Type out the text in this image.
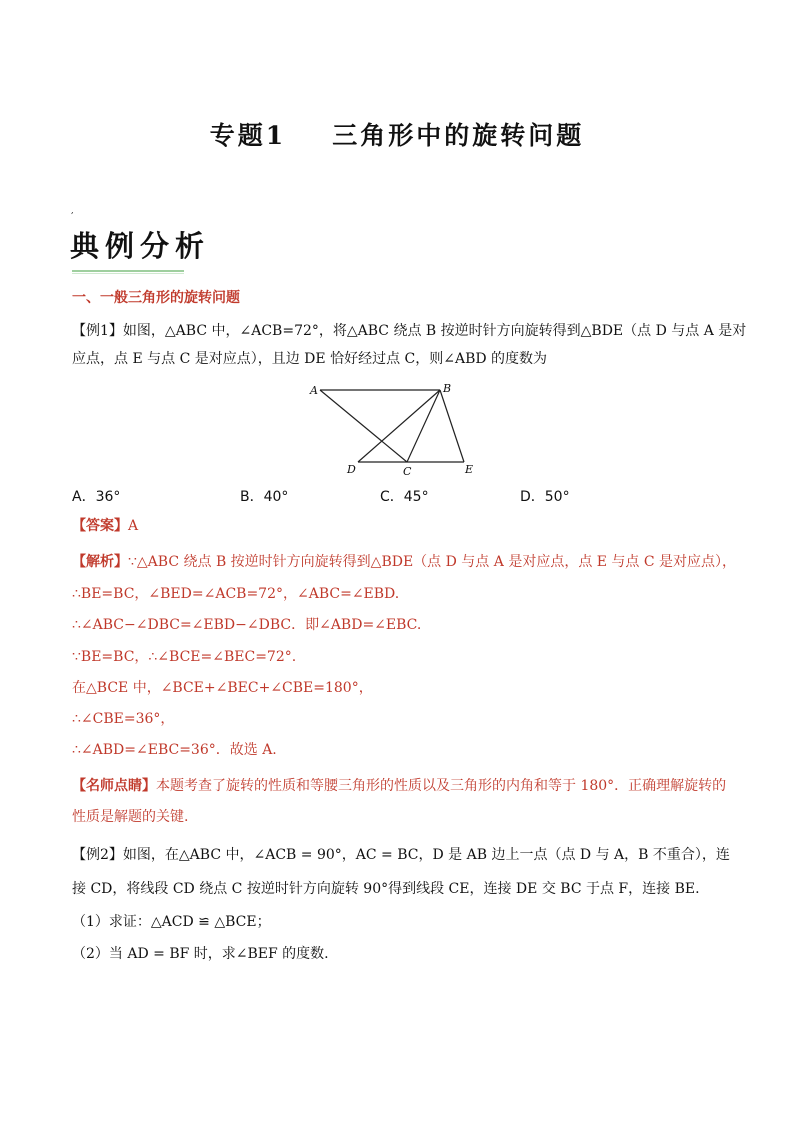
专题1 三角形中的旋转问题
,
典例分析
一、一般三角形的旋转问题
【例1】如图，△ABC 中，∠ACB=72°，将△ABC 绕点 B 按逆时针方向旋转得到△BDE（点 D 与点 A 是对
应点，点 E 与点 C 是对应点），且边 DE 恰好经过点 C，则∠ABD 的度数为
A	B
C
D	E
A．36°	B．40°	C．45°	D．50°
【答案】A
【解析】∵△ABC 绕点 B 按逆时针方向旋转得到△BDE（点 D 与点 A 是对应点，点 E 与点 C 是对应点），
∴BE=BC，∠BED=∠ACB=72°，∠ABC=∠EBD.
∴∠ABC−∠DBC=∠EBD−∠DBC．即∠ABD=∠EBC.
∵BE=BC，∴∠BCE=∠BEC=72°.
在△BCE 中，∠BCE+∠BEC+∠CBE=180°，
∴∠CBE=36°，
∴∠ABD=∠EBC=36°．故选 A.
【名师点睛】本题考查了旋转的性质和等腰三角形的性质以及三角形的内角和等于 180°．正确理解旋转的
性质是解题的关键.
【例2】如图，在△ABC 中，∠ACB = 90°，AC = BC，D 是 AB 边上一点（点 D 与 A，B 不重合），连
接 CD，将线段 CD 绕点 C 按逆时针方向旋转 90°得到线段 CE，连接 DE 交 BC 于点 F，连接 BE.
（1）求证：△ACD ≌ △BCE；
（2）当 AD = BF 时，求∠BEF 的度数.
